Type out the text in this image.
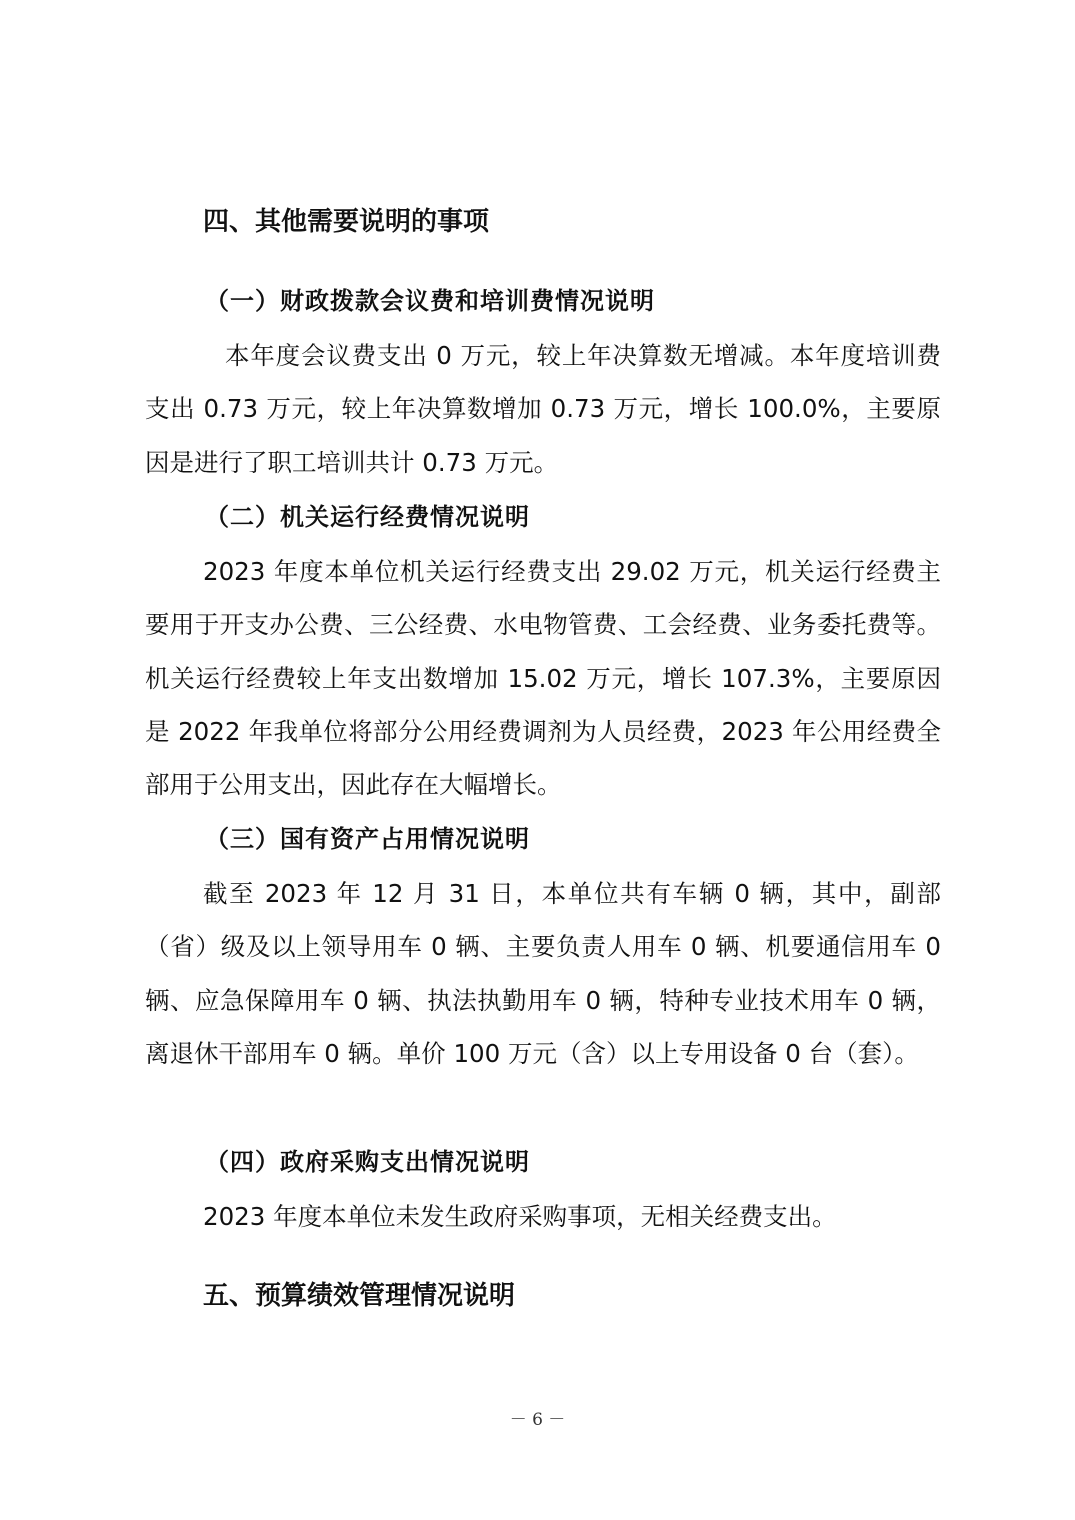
四、其他需要说明的事项
（一）财政拨款会议费和培训费情况说明
本年度会议费支出 0 万元，较上年决算数无增减。本年度培训费支出 0.73 万元，较上年决算数增加 0.73 万元，增长 100.0%，主要原因是进行了职工培训共计 0.73 万元。
（二）机关运行经费情况说明
2023 年度本单位机关运行经费支出 29.02 万元，机关运行经费主要用于开支办公费、三公经费、水电物管费、工会经费、业务委托费等。机关运行经费较上年支出数增加 15.02 万元，增长 107.3%，主要原因是 2022 年我单位将部分公用经费调剂为人员经费，2023 年公用经费全部用于公用支出，因此存在大幅增长。
（三）国有资产占用情况说明
截至 2023 年 12 月 31 日，本单位共有车辆 0 辆，其中，副部（省）级及以上领导用车 0 辆、主要负责人用车 0 辆、机要通信用车 0 辆、应急保障用车 0 辆、执法执勤用车 0 辆，特种专业技术用车 0 辆，离退休干部用车 0 辆。单价 100 万元（含）以上专用设备 0 台（套）。
（四）政府采购支出情况说明
2023 年度本单位未发生政府采购事项，无相关经费支出。
五、预算绩效管理情况说明
－ 6 －
